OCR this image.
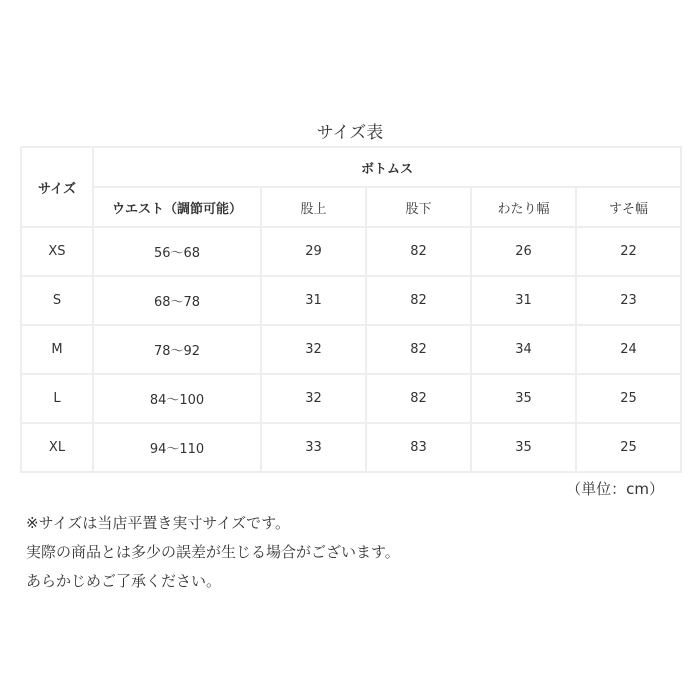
サイズ表
サイズ	ボトムス				
	ウエスト（調節可能）	股上	股下	わたり幅	すそ幅
XS	56～68	29	82	26	22
S	68～78	31	82	31	23
M	78～92	32	82	34	24
L	84～100	32	82	35	25
XL	94～110	33	83	35	25
（単位：cm）
※サイズは当店平置き実寸サイズです。
実際の商品とは多少の誤差が生じる場合がございます。
あらかじめご了承ください。
